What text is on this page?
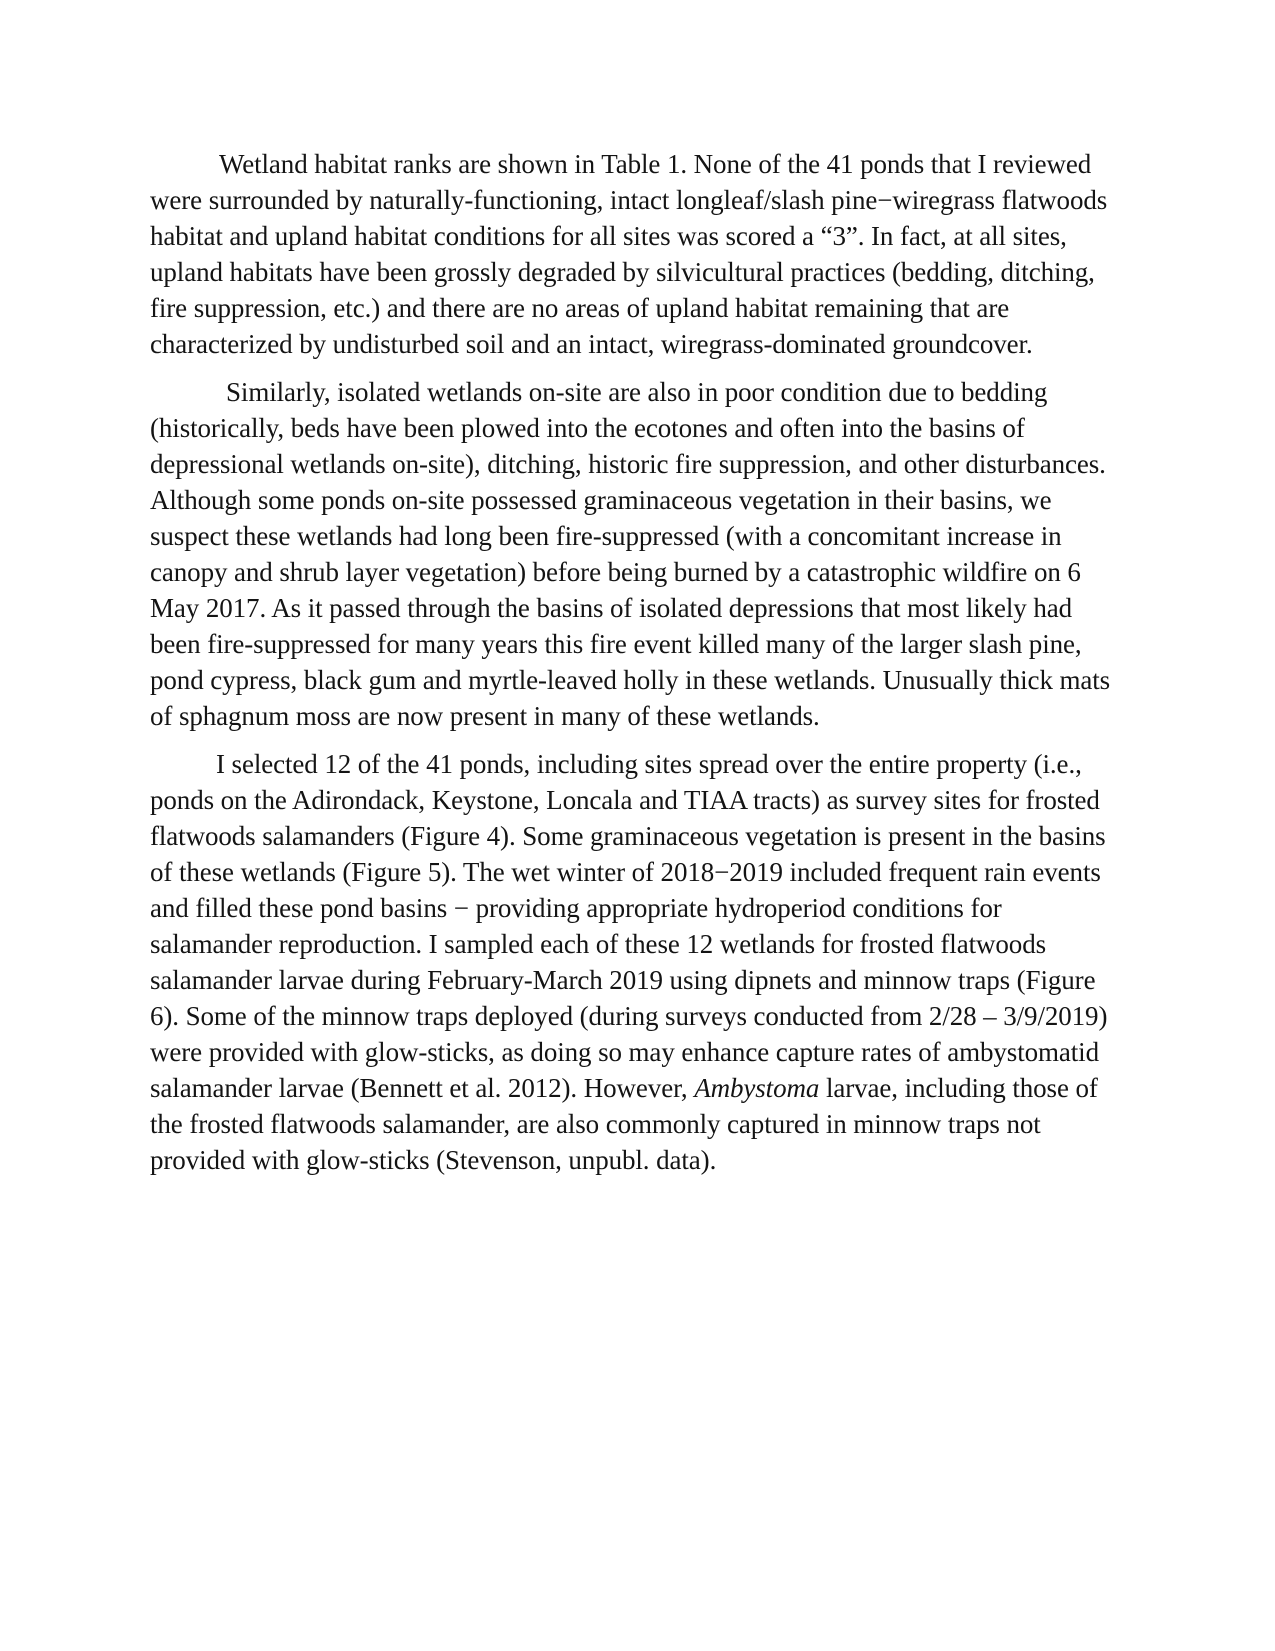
Wetland habitat ranks are shown in Table 1. None of the 41 ponds that I reviewed were surrounded by naturally-functioning, intact longleaf/slash pine−wiregrass flatwoods habitat and upland habitat conditions for all sites was scored a “3”. In fact, at all sites, upland habitats have been grossly degraded by silvicultural practices (bedding, ditching, fire suppression, etc.) and there are no areas of upland habitat remaining that are characterized by undisturbed soil and an intact, wiregrass-dominated groundcover.

Similarly, isolated wetlands on-site are also in poor condition due to bedding (historically, beds have been plowed into the ecotones and often into the basins of depressional wetlands on-site), ditching, historic fire suppression, and other disturbances. Although some ponds on-site possessed graminaceous vegetation in their basins, we suspect these wetlands had long been fire-suppressed (with a concomitant increase in canopy and shrub layer vegetation) before being burned by a catastrophic wildfire on 6 May 2017. As it passed through the basins of isolated depressions that most likely had been fire-suppressed for many years this fire event killed many of the larger slash pine, pond cypress, black gum and myrtle-leaved holly in these wetlands. Unusually thick mats of sphagnum moss are now present in many of these wetlands.

I selected 12 of the 41 ponds, including sites spread over the entire property (i.e., ponds on the Adirondack, Keystone, Loncala and TIAA tracts) as survey sites for frosted flatwoods salamanders (Figure 4). Some graminaceous vegetation is present in the basins of these wetlands (Figure 5). The wet winter of 2018−2019 included frequent rain events and filled these pond basins − providing appropriate hydroperiod conditions for salamander reproduction. I sampled each of these 12 wetlands for frosted flatwoods salamander larvae during February-March 2019 using dipnets and minnow traps (Figure 6). Some of the minnow traps deployed (during surveys conducted from 2/28 – 3/9/2019) were provided with glow-sticks, as doing so may enhance capture rates of ambystomatid salamander larvae (Bennett et al. 2012). However, Ambystoma larvae, including those of the frosted flatwoods salamander, are also commonly captured in minnow traps not provided with glow-sticks (Stevenson, unpubl. data).
